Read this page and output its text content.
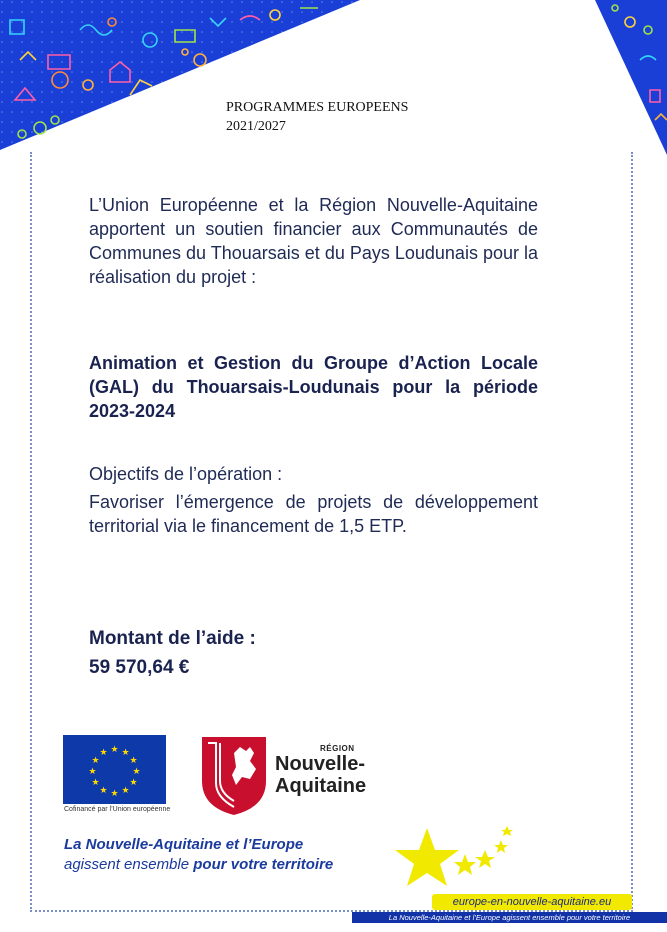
PROGRAMMES EUROPEENS
2021/2027
L’Union Européenne et la Région Nouvelle-Aquitaine apportent un soutien financier aux Communautés de Communes du Thouarsais et du Pays Loudunais pour la réalisation du projet :
Animation et Gestion du Groupe d’Action Locale (GAL) du Thouarsais-Loudunais pour la période 2023-2024
Objectifs de l’opération :
Favoriser l’émergence de projets de développement territorial via le financement de 1,5 ETP.
Montant de l’aide :
59 570,64 €
★ ★
★
★
★
★
★
★
★
★
★
★
Cofinancé par l’Union européenne
RÉGION
Nouvelle-
Aquitaine
La Nouvelle-Aquitaine et l’Europe
agissent ensemble pour votre territoire
europe-en-nouvelle-aquitaine.eu
La Nouvelle-Aquitaine et l’Europe agissent ensemble pour votre territoire
